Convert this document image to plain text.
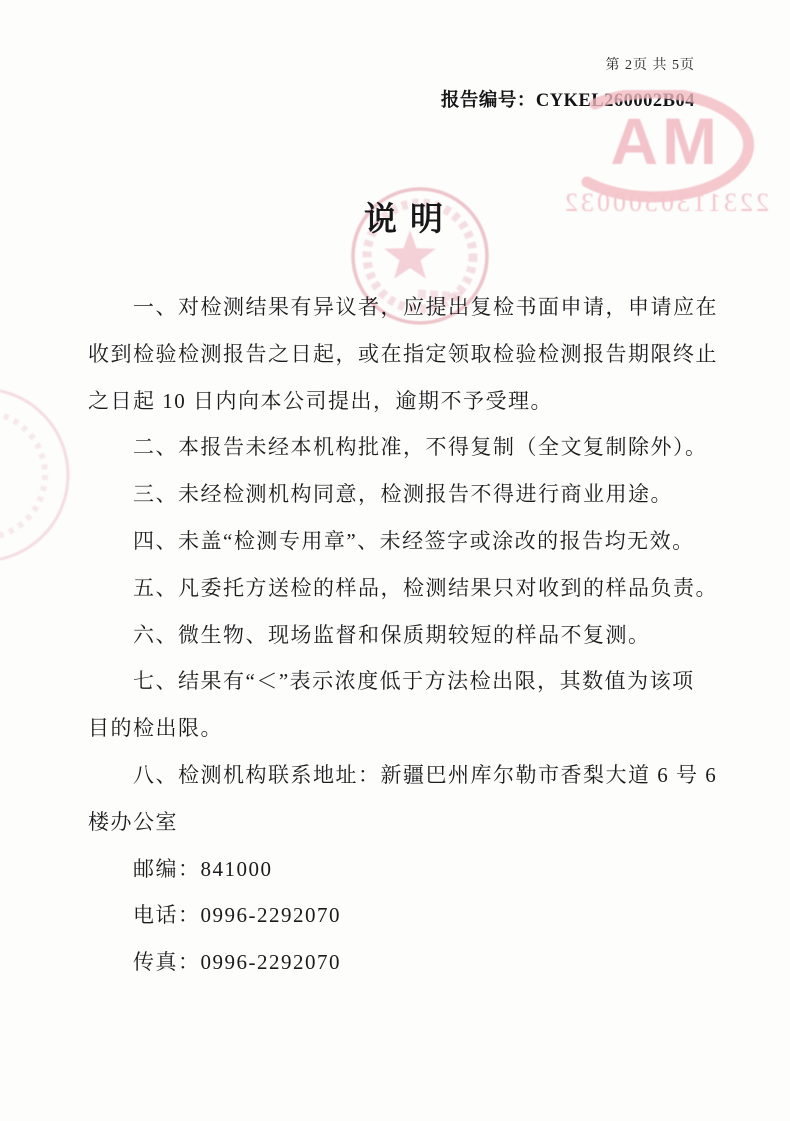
第 2页 共 5页
报告编号：CYKEL260002B04
MA
2231130500032
说明
一、对检测结果有异议者，应提出复检书面申请，申请应在
收到检验检测报告之日起，或在指定领取检验检测报告期限终止
之日起 10 日内向本公司提出，逾期不予受理。
二、本报告未经本机构批准，不得复制（全文复制除外）。
三、未经检测机构同意，检测报告不得进行商业用途。
四、未盖“检测专用章”、未经签字或涂改的报告均无效。
五、凡委托方送检的样品，检测结果只对收到的样品负责。
六、微生物、现场监督和保质期较短的样品不复测。
七、结果有“＜”表示浓度低于方法检出限，其数值为该项
目的检出限。
八、检测机构联系地址：新疆巴州库尔勒市香梨大道 6 号 6
楼办公室
邮编：841000
电话：0996-2292070
传真：0996-2292070
